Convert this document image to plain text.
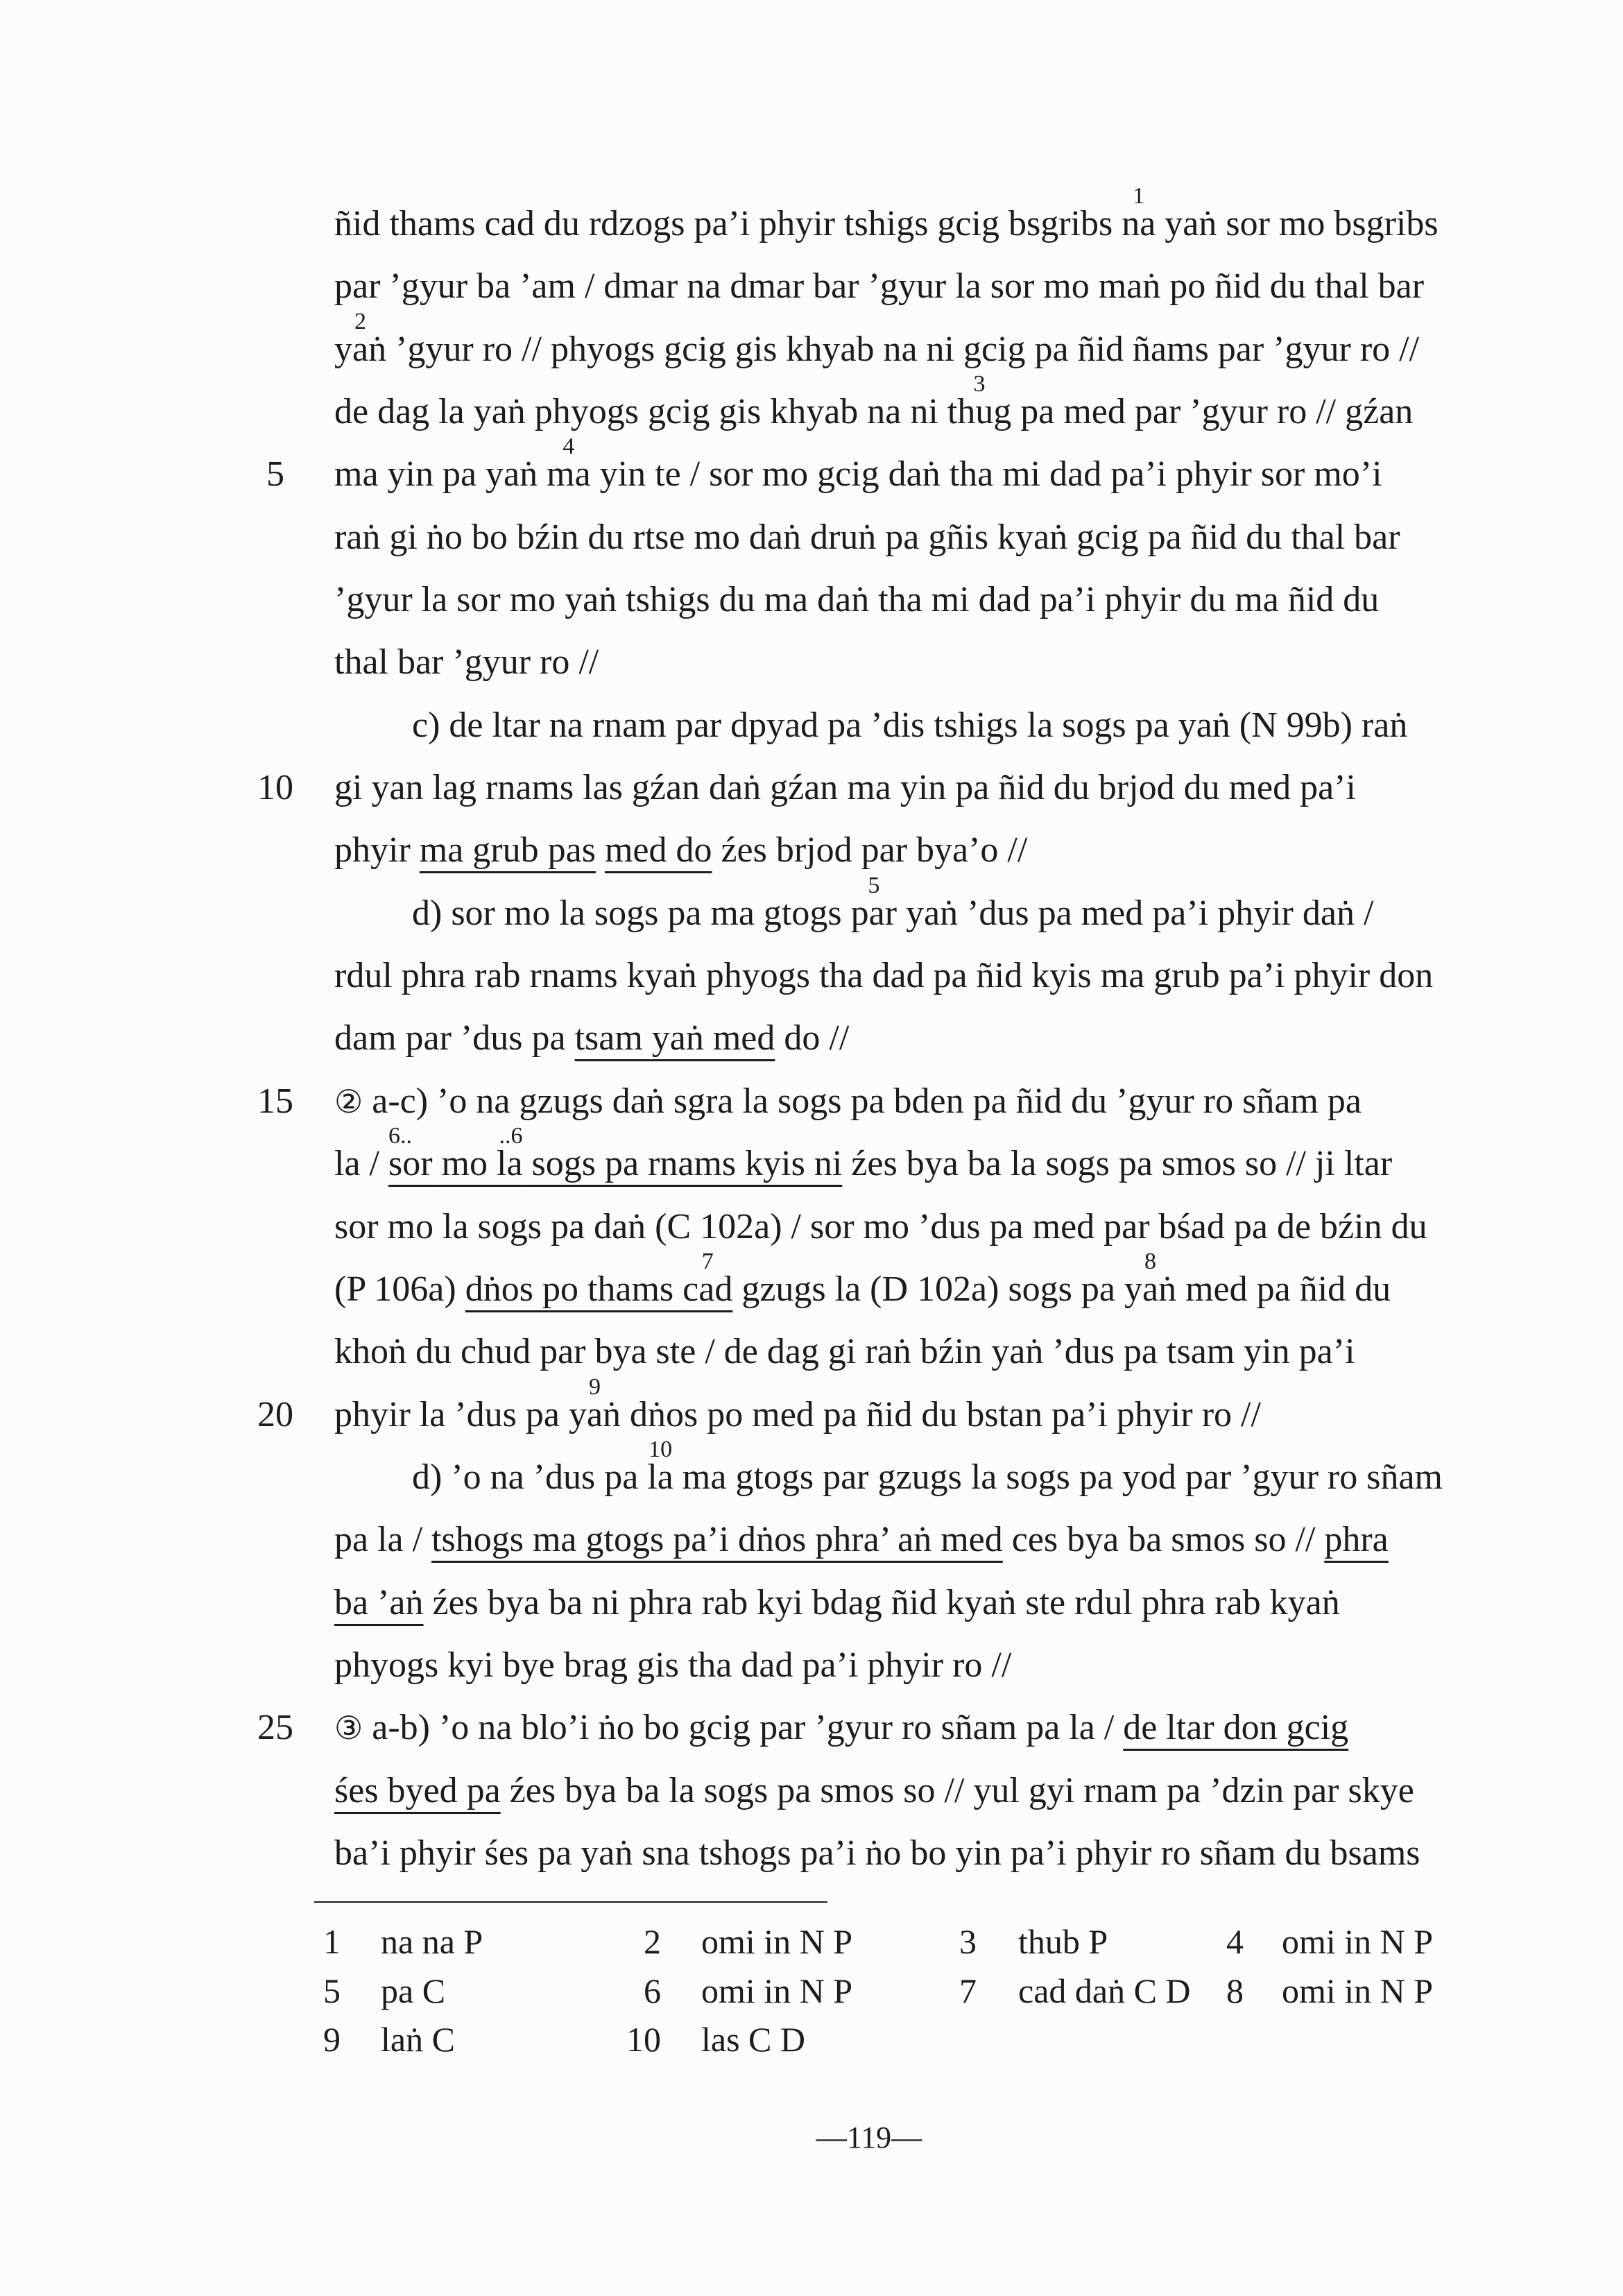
ñid thams cad du rdzogs pa’i phyir tshigs gcig bsgribs na
1
yaṅ sor mo bsgribs
par ’gyur ba ’am / dmar na dmar bar ’gyur la sor mo maṅ po ñid du thal bar
yaṅ
2
’gyur ro // phyogs gcig gis khyab na ni gcig pa ñid ñams par ’gyur ro //
de dag la yaṅ phyogs gcig gis khyab na ni thug
3
pa med par ’gyur ro // gźan
5	ma yin pa yaṅ ma
4
yin te / sor mo gcig daṅ tha mi dad pa’i phyir sor mo’i
raṅ gi ṅo bo bźin du rtse mo daṅ druṅ pa gñis kyaṅ gcig pa ñid du thal bar
’gyur la sor mo yaṅ tshigs du ma daṅ tha mi dad pa’i phyir du ma ñid du
thal bar ’gyur ro //
c) de ltar na rnam par dpyad pa ’dis tshigs la sogs pa yaṅ (N 99b) raṅ
10	gi yan lag rnams las gźan daṅ gźan ma yin pa ñid du brjod du med pa’i
phyir ma grub pas med do źes brjod par bya’o //
d) sor mo la sogs pa ma gtogs par
5
yaṅ ’dus pa med pa’i phyir daṅ /
rdul phra rab rnams kyaṅ phyogs tha dad pa ñid kyis ma grub pa’i phyir don
dam par ’dus pa tsam yaṅ med do //
15	② a-c) ’o na gzugs daṅ sgra la sogs pa bden pa ñid du ’gyur ro sñam pa
la / sor
6..
mo la
..6
sogs pa rnams kyis ni źes bya ba la sogs pa smos so // ji ltar
sor mo la sogs pa daṅ (C 102a) / sor mo ’dus pa med par bśad pa de bźin du
(P 106a) dṅos po thams cad
7
gzugs la (D 102a) sogs pa yaṅ
8
med pa ñid du
khoṅ du chud par bya ste / de dag gi raṅ bźin yaṅ ’dus pa tsam yin pa’i
20	phyir la ’dus pa yaṅ
9
dṅos po med pa ñid du bstan pa’i phyir ro //
d) ’o na ’dus pa la
10
ma gtogs par gzugs la sogs pa yod par ’gyur ro sñam
pa la / tshogs ma gtogs pa’i dṅos phra’ aṅ med ces bya ba smos so // phra
ba ’aṅ źes bya ba ni phra rab kyi bdag ñid kyaṅ ste rdul phra rab kyaṅ
phyogs kyi bye brag gis tha dad pa’i phyir ro //
25	③ a-b) ’o na blo’i ṅo bo gcig par ’gyur ro sñam pa la / de ltar don gcig
śes byed pa źes bya ba la sogs pa smos so // yul gyi rnam pa ’dzin par skye
ba’i phyir śes pa yaṅ sna tshogs pa’i ṅo bo yin pa’i phyir ro sñam du bsams
1 na na P	2 omi in N P	3 thub P	4 omi in N P
5 pa C	6 omi in N P	7 cad daṅ C D	8 omi in N P
9 laṅ C	10 las C D
—119—
